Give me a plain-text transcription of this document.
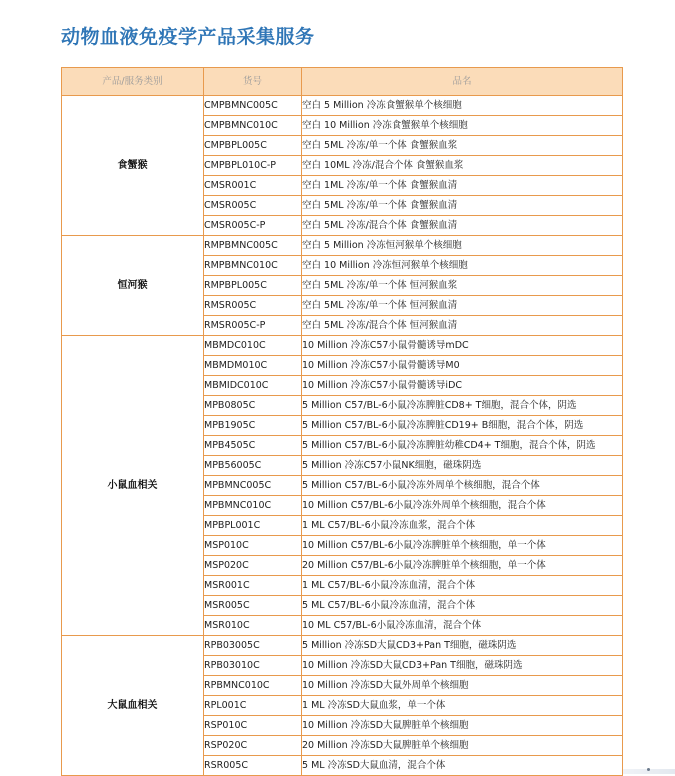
动物血液免疫学产品采集服务
产品/服务类别	货号	品名
食蟹猴	CMPBMNC005C	空白 5 Million 冷冻食蟹猴单个核细胞
	CMPBMNC010C	空白 10 Million 冷冻食蟹猴单个核细胞
	CMPBPL005C	空白 5ML 冷冻/单一个体 食蟹猴血浆
	CMPBPL010C-P	空白 10ML 冷冻/混合个体 食蟹猴血浆
	CMSR001C	空白 1ML 冷冻/单一个体 食蟹猴血清
	CMSR005C	空白 5ML 冷冻/单一个体 食蟹猴血清
	CMSR005C-P	空白 5ML 冷冻/混合个体 食蟹猴血清
恒河猴	RMPBMNC005C	空白 5 Million 冷冻恒河猴单个核细胞
	RMPBMNC010C	空白 10 Million 冷冻恒河猴单个核细胞
	RMPBPL005C	空白 5ML 冷冻/单一个体 恒河猴血浆
	RMSR005C	空白 5ML 冷冻/单一个体 恒河猴血清
	RMSR005C-P	空白 5ML 冷冻/混合个体 恒河猴血清
小鼠血相关	MBMDC010C	10 Million 冷冻C57小鼠骨髓诱导mDC
	MBMDM010C	10 Million 冷冻C57小鼠骨髓诱导M0
	MBMIDC010C	10 Million 冷冻C57小鼠骨髓诱导iDC
	MPB0805C	5 Million C57/BL-6小鼠冷冻脾脏CD8+ T细胞，混合个体，阴选
	MPB1905C	5 Million C57/BL-6小鼠冷冻脾脏CD19+ B细胞，混合个体，阴选
	MPB4505C	5 Million C57/BL-6小鼠冷冻脾脏幼稚CD4+ T细胞，混合个体，阴选
	MPB56005C	5 Million 冷冻C57小鼠NK细胞，磁珠阴选
	MPBMNC005C	5 Million C57/BL-6小鼠冷冻外周单个核细胞，混合个体
	MPBMNC010C	10 Million C57/BL-6小鼠冷冻外周单个核细胞，混合个体
	MPBPL001C	1 ML C57/BL-6小鼠冷冻血浆，混合个体
	MSP010C	10 Million C57/BL-6小鼠冷冻脾脏单个核细胞，单一个体
	MSP020C	20 Million C57/BL-6小鼠冷冻脾脏单个核细胞，单一个体
	MSR001C	1 ML C57/BL-6小鼠冷冻血清，混合个体
	MSR005C	5 ML C57/BL-6小鼠冷冻血清，混合个体
	MSR010C	10 ML C57/BL-6小鼠冷冻血清，混合个体
大鼠血相关	RPB03005C	5 Million 冷冻SD大鼠CD3+Pan T细胞，磁珠阴选
	RPB03010C	10 Million 冷冻SD大鼠CD3+Pan T细胞，磁珠阴选
	RPBMNC010C	10 Million 冷冻SD大鼠外周单个核细胞
	RPL001C	1 ML 冷冻SD大鼠血浆，单一个体
	RSP010C	10 Million 冷冻SD大鼠脾脏单个核细胞
	RSP020C	20 Million 冷冻SD大鼠脾脏单个核细胞
	RSR005C	5 ML 冷冻SD大鼠血清，混合个体
